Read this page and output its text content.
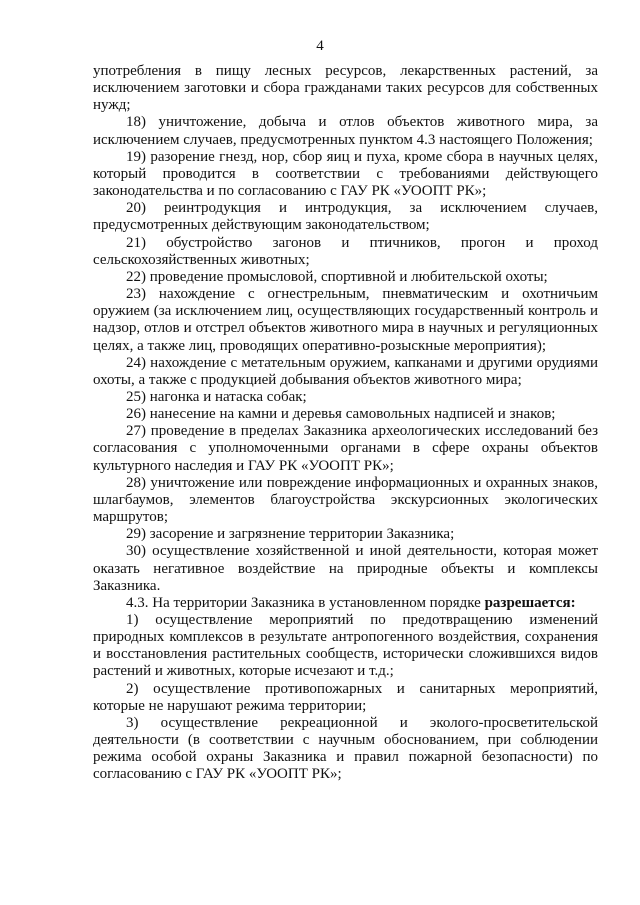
4

употребления в пищу лесных ресурсов, лекарственных растений, за исключением заготовки и сбора гражданами таких ресурсов для собственных нужд;

18) уничтожение, добыча и отлов объектов животного мира, за исключением случаев, предусмотренных пунктом 4.3 настоящего Положения;

19) разорение гнезд, нор, сбор яиц и пуха, кроме сбора в научных целях, который проводится в соответствии с требованиями действующего законодательства и по согласованию с ГАУ РК «УООПТ РК»;

20) реинтродукция и интродукция, за исключением случаев, предусмотренных действующим законодательством;

21) обустройство загонов и птичников, прогон и проход сельскохозяйственных животных;

22) проведение промысловой, спортивной и любительской охоты;

23) нахождение с огнестрельным, пневматическим и охотничьим оружием (за исключением лиц, осуществляющих государственный контроль и надзор, отлов и отстрел объектов животного мира в научных и регуляционных целях, а также лиц, проводящих оперативно-розыскные мероприятия);

24) нахождение с метательным оружием, капканами и другими орудиями охоты, а также с продукцией добывания объектов животного мира;

25) нагонка и натаска собак;

26) нанесение на камни и деревья самовольных надписей и знаков;

27) проведение в пределах Заказника археологических исследований без согласования с уполномоченными органами в сфере охраны объектов культурного наследия и ГАУ РК «УООПТ РК»;

28) уничтожение или повреждение информационных и охранных знаков, шлагбаумов, элементов благоустройства экскурсионных экологических маршрутов;

29) засорение и загрязнение территории Заказника;

30) осуществление хозяйственной и иной деятельности, которая может оказать негативное воздействие на природные объекты и комплексы Заказника.

4.3. На территории Заказника в установленном порядке разрешается:

1) осуществление мероприятий по предотвращению изменений природных комплексов в результате антропогенного воздействия, сохранения и восстановления растительных сообществ, исторически сложившихся видов растений и животных, которые исчезают и т.д.;

2) осуществление противопожарных и санитарных мероприятий, которые не нарушают режима территории;

3) осуществление рекреационной и эколого-просветительской деятельности (в соответствии с научным обоснованием, при соблюдении режима особой охраны Заказника и правил пожарной безопасности) по согласованию с ГАУ РК «УООПТ РК»;
